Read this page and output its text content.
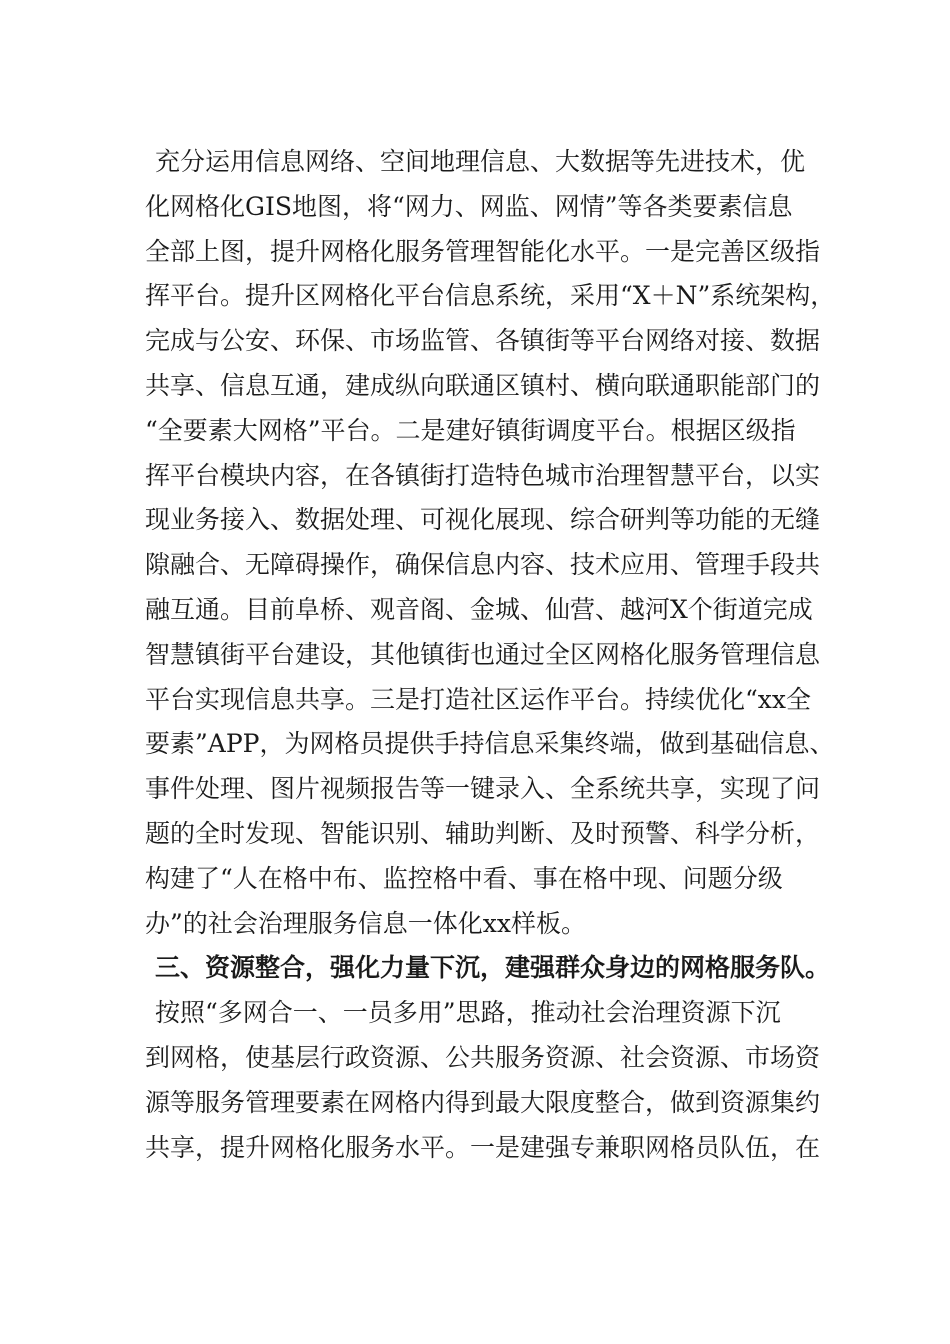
充分运用信息网络、空间地理信息、大数据等先进技术，优
化网格化GIS地图，将“网力、网监、网情”等各类要素信息
全部上图，提升网格化服务管理智能化水平。一是完善区级指
挥平台。提升区网格化平台信息系统，采用“X＋N”系统架构，
完成与公安、环保、市场监管、各镇街等平台网络对接、数据
共享、信息互通，建成纵向联通区镇村、横向联通职能部门的
“全要素大网格”平台。二是建好镇街调度平台。根据区级指
挥平台模块内容，在各镇街打造特色城市治理智慧平台，以实
现业务接入、数据处理、可视化展现、综合研判等功能的无缝
隙融合、无障碍操作，确保信息内容、技术应用、管理手段共
融互通。目前阜桥、观音阁、金城、仙营、越河X个街道完成
智慧镇街平台建设，其他镇街也通过全区网格化服务管理信息
平台实现信息共享。三是打造社区运作平台。持续优化“xx全
要素”APP，为网格员提供手持信息采集终端，做到基础信息、
事件处理、图片视频报告等一键录入、全系统共享，实现了问
题的全时发现、智能识别、辅助判断、及时预警、科学分析，
构建了“人在格中布、监控格中看、事在格中现、问题分级
办”的社会治理服务信息一体化xx样板。
三、资源整合，强化力量下沉，建强群众身边的网格服务队。
按照“多网合一、一员多用”思路，推动社会治理资源下沉
到网格，使基层行政资源、公共服务资源、社会资源、市场资
源等服务管理要素在网格内得到最大限度整合，做到资源集约
共享，提升网格化服务水平。一是建强专兼职网格员队伍，在
